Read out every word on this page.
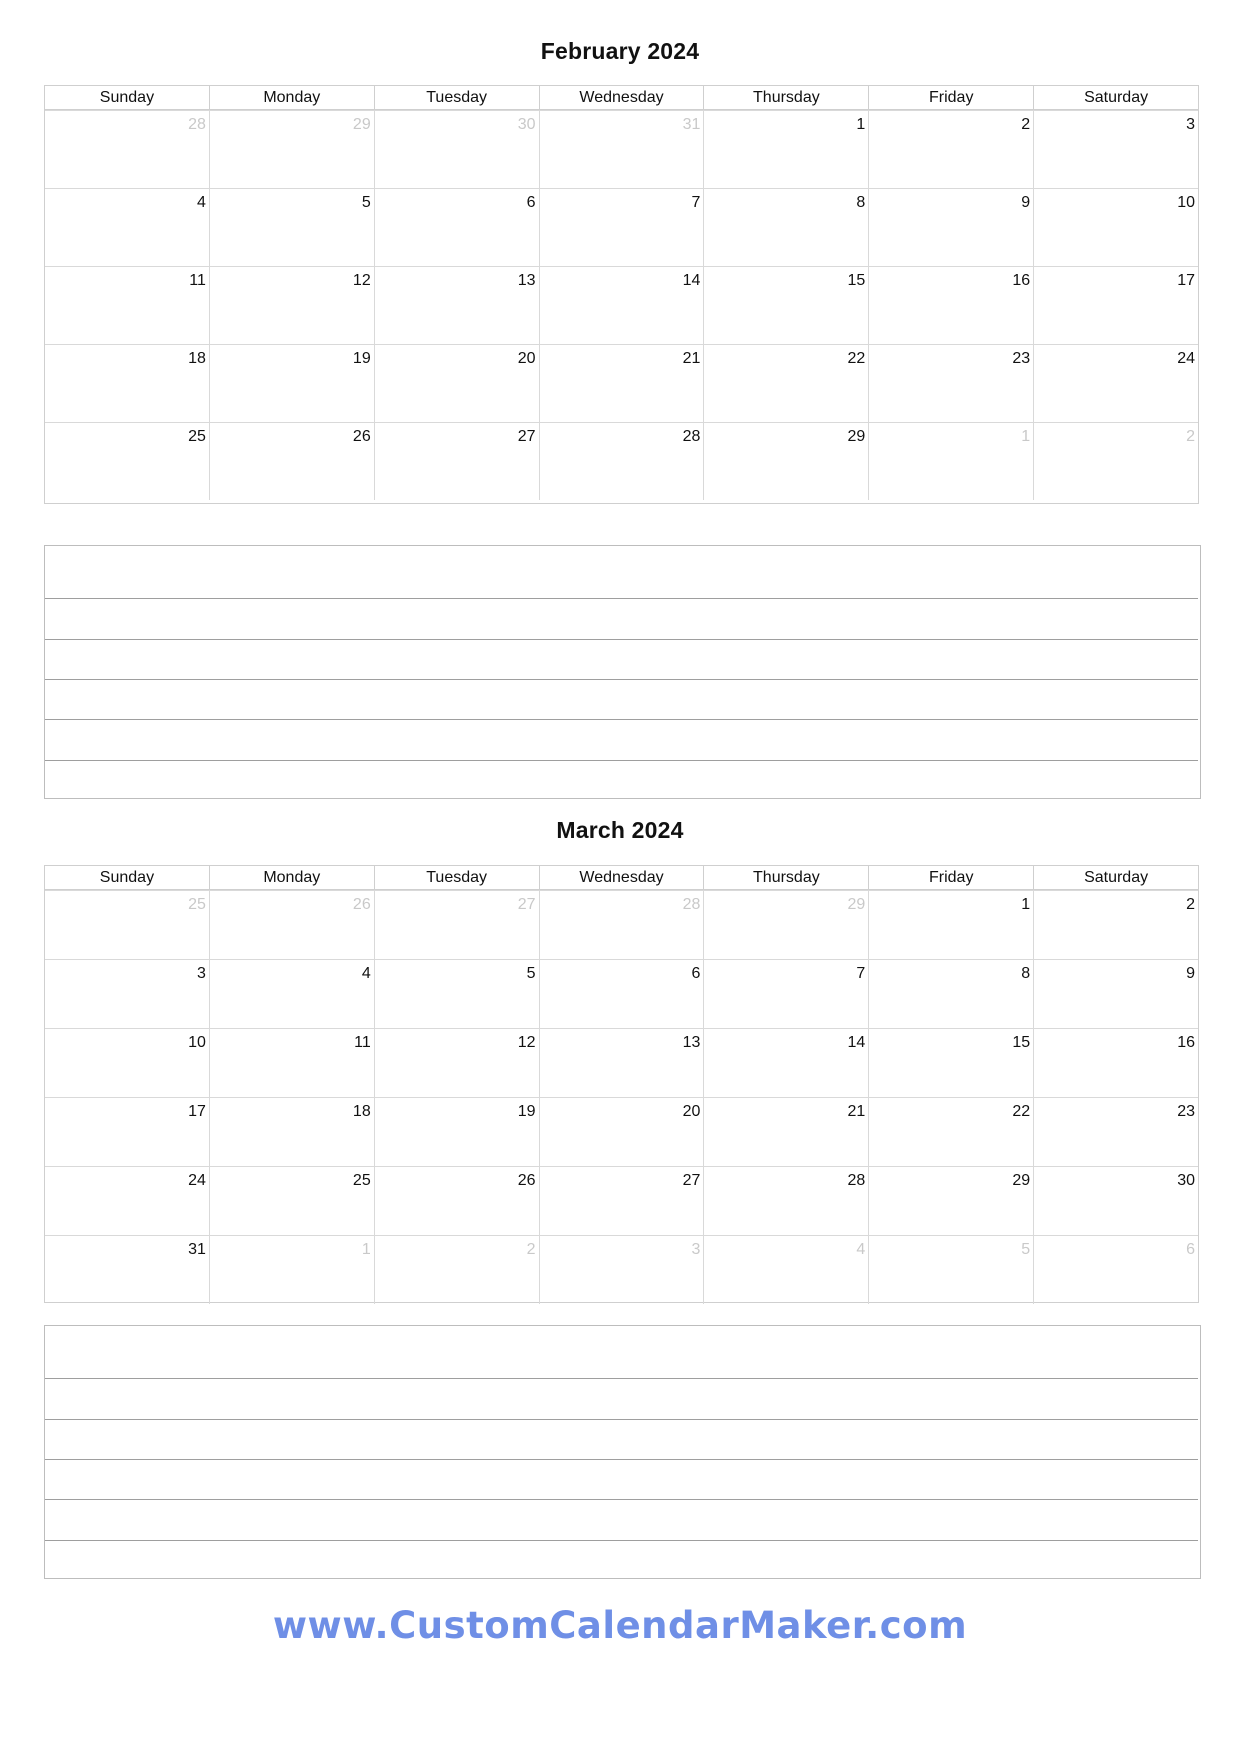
February 2024
Sunday	Monday	Tuesday	Wednesday	Thursday	Friday	Saturday
28	29	30	31	1	2	3
4	5	6	7	8	9	10
11	12	13	14	15	16	17
18	19	20	21	22	23	24
25	26	27	28	29	1	2
March 2024
Sunday	Monday	Tuesday	Wednesday	Thursday	Friday	Saturday
25	26	27	28	29	1	2
3	4	5	6	7	8	9
10	11	12	13	14	15	16
17	18	19	20	21	22	23
24	25	26	27	28	29	30
31	1	2	3	4	5	6
www.CustomCalendarMaker.com
